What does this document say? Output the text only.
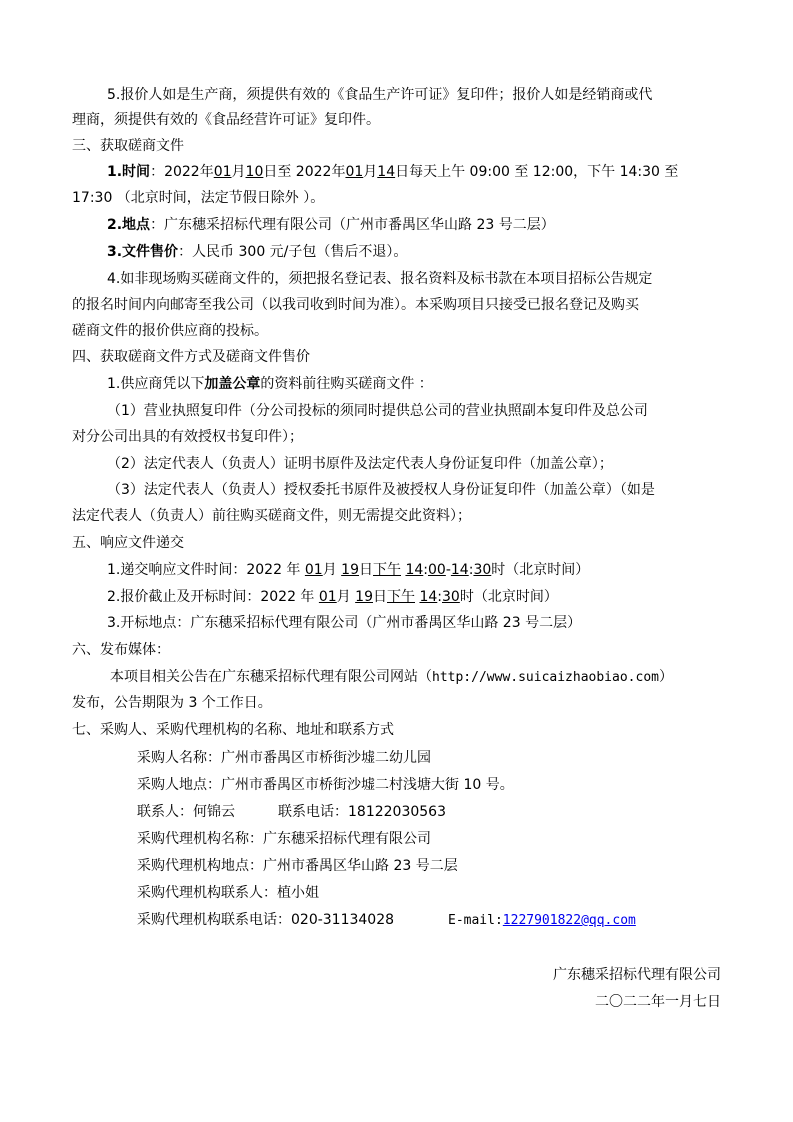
5.报价人如是生产商，须提供有效的《食品生产许可证》复印件；报价人如是经销商或代
理商，须提供有效的《食品经营许可证》复印件。
三、获取磋商文件
1.时间：2022年01月10日至 2022年01月14日每天上午 09:00 至 12:00，下午 14:30 至
17:30 （北京时间，法定节假日除外 ）。
2.地点：广东穗采招标代理有限公司（广州市番禺区华山路 23 号二层）
3.文件售价：人民币 300 元/子包（售后不退）。
4.如非现场购买磋商文件的，须把报名登记表、报名资料及标书款在本项目招标公告规定
的报名时间内向邮寄至我公司（以我司收到时间为准）。本采购项目只接受已报名登记及购买
磋商文件的报价供应商的投标。
四、获取磋商文件方式及磋商文件售价
1.供应商凭以下加盖公章的资料前往购买磋商文件 ：
（1）营业执照复印件（分公司投标的须同时提供总公司的营业执照副本复印件及总公司
对分公司出具的有效授权书复印件）；
（2）法定代表人（负责人）证明书原件及法定代表人身份证复印件（加盖公章）；
（3）法定代表人（负责人）授权委托书原件及被授权人身份证复印件（加盖公章）（如是
法定代表人（负责人）前往购买磋商文件，则无需提交此资料）；
五、响应文件递交
1.递交响应文件时间：2022 年 01月 19日下午 14:00-14:30时（北京时间）
2.报价截止及开标时间：2022 年 01月 19日下午 14:30时（北京时间）
3.开标地点：广东穗采招标代理有限公司（广州市番禺区华山路 23 号二层）
六、发布媒体：
本项目相关公告在广东穗采招标代理有限公司网站（http://www.suicaizhaobiao.com）
发布，公告期限为 3 个工作日。
七、采购人、采购代理机构的名称、地址和联系方式
采购人名称：广州市番禺区市桥街沙墟二幼儿园
采购人地点：广州市番禺区市桥街沙墟二村浅塘大街 10 号。
联系人：何锦云	联系电话：18122030563
采购代理机构名称：广东穗采招标代理有限公司
采购代理机构地点：广州市番禺区华山路 23 号二层
采购代理机构联系人：植小姐
采购代理机构联系电话：020-31134028	E-mail:1227901822@qq.com
广东穗采招标代理有限公司
二〇二二年一月七日
